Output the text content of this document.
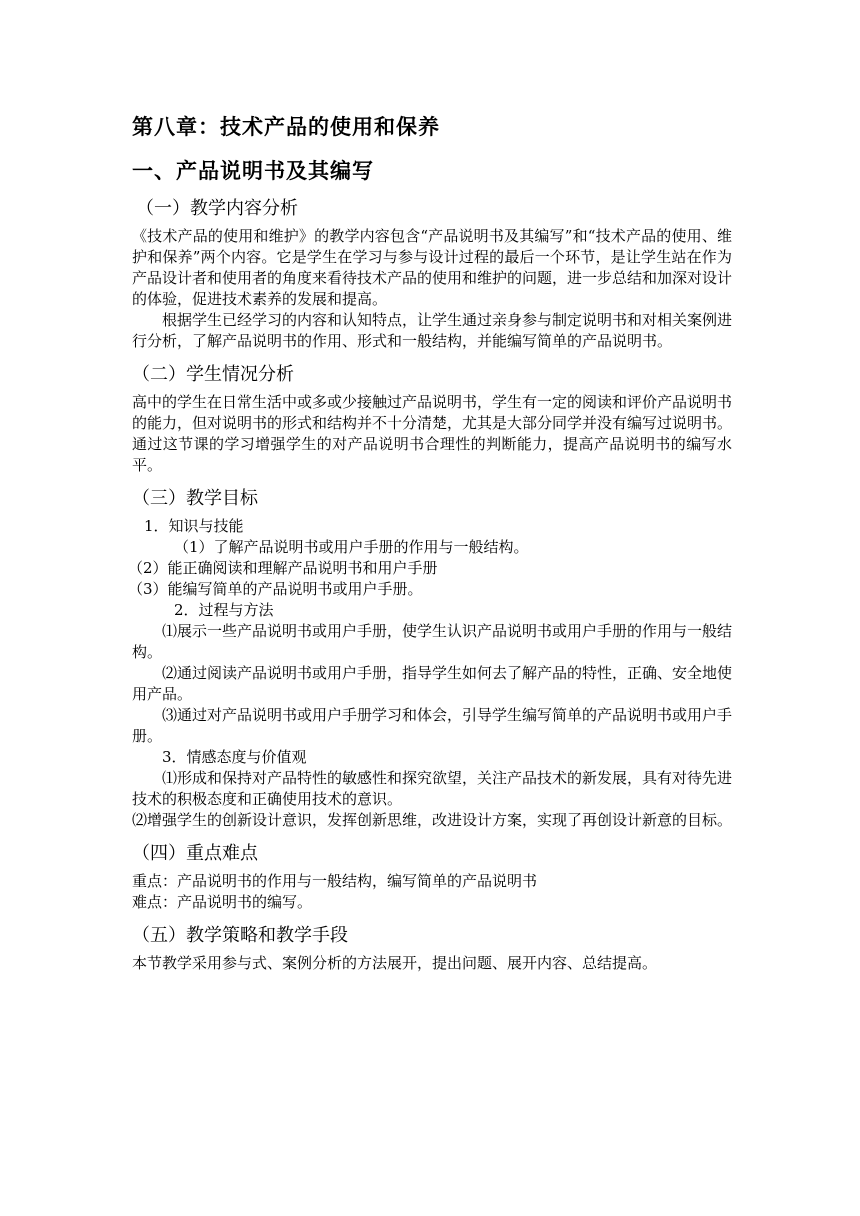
第八章：技术产品的使用和保养
一、产品说明书及其编写
（一）教学内容分析

《技术产品的使用和维护》的教学内容包含“产品说明书及其编写”和“技术产品的使用、维护和保养”两个内容。它是学生在学习与参与设计过程的最后一个环节，是让学生站在作为产品设计者和使用者的角度来看待技术产品的使用和维护的问题，进一步总结和加深对设计的体验，促进技术素养的发展和提高。

根据学生已经学习的内容和认知特点，让学生通过亲身参与制定说明书和对相关案例进行分析，了解产品说明书的作用、形式和一般结构，并能编写简单的产品说明书。

（二）学生情况分析

高中的学生在日常生活中或多或少接触过产品说明书，学生有一定的阅读和评价产品说明书的能力，但对说明书的形式和结构并不十分清楚，尤其是大部分同学并没有编写过说明书。通过这节课的学习增强学生的对产品说明书合理性的判断能力，提高产品说明书的编写水平。

（三）教学目标

1．知识与技能

（1）了解产品说明书或用户手册的作用与一般结构。

（2）能正确阅读和理解产品说明书和用户手册

（3）能编写简单的产品说明书或用户手册。

2．过程与方法

⑴展示一些产品说明书或用户手册，使学生认识产品说明书或用户手册的作用与一般结构。

⑵通过阅读产品说明书或用户手册，指导学生如何去了解产品的特性，正确、安全地使用产品。

⑶通过对产品说明书或用户手册学习和体会，引导学生编写简单的产品说明书或用户手册。

3．情感态度与价值观

⑴形成和保持对产品特性的敏感性和探究欲望，关注产品技术的新发展，具有对待先进技术的积极态度和正确使用技术的意识。

⑵增强学生的创新设计意识，发挥创新思维，改进设计方案，实现了再创设计新意的目标。

（四）重点难点

重点：产品说明书的作用与一般结构，编写简单的产品说明书

难点：产品说明书的编写。

（五）教学策略和教学手段

本节教学采用参与式、案例分析的方法展开，提出问题、展开内容、总结提高。
